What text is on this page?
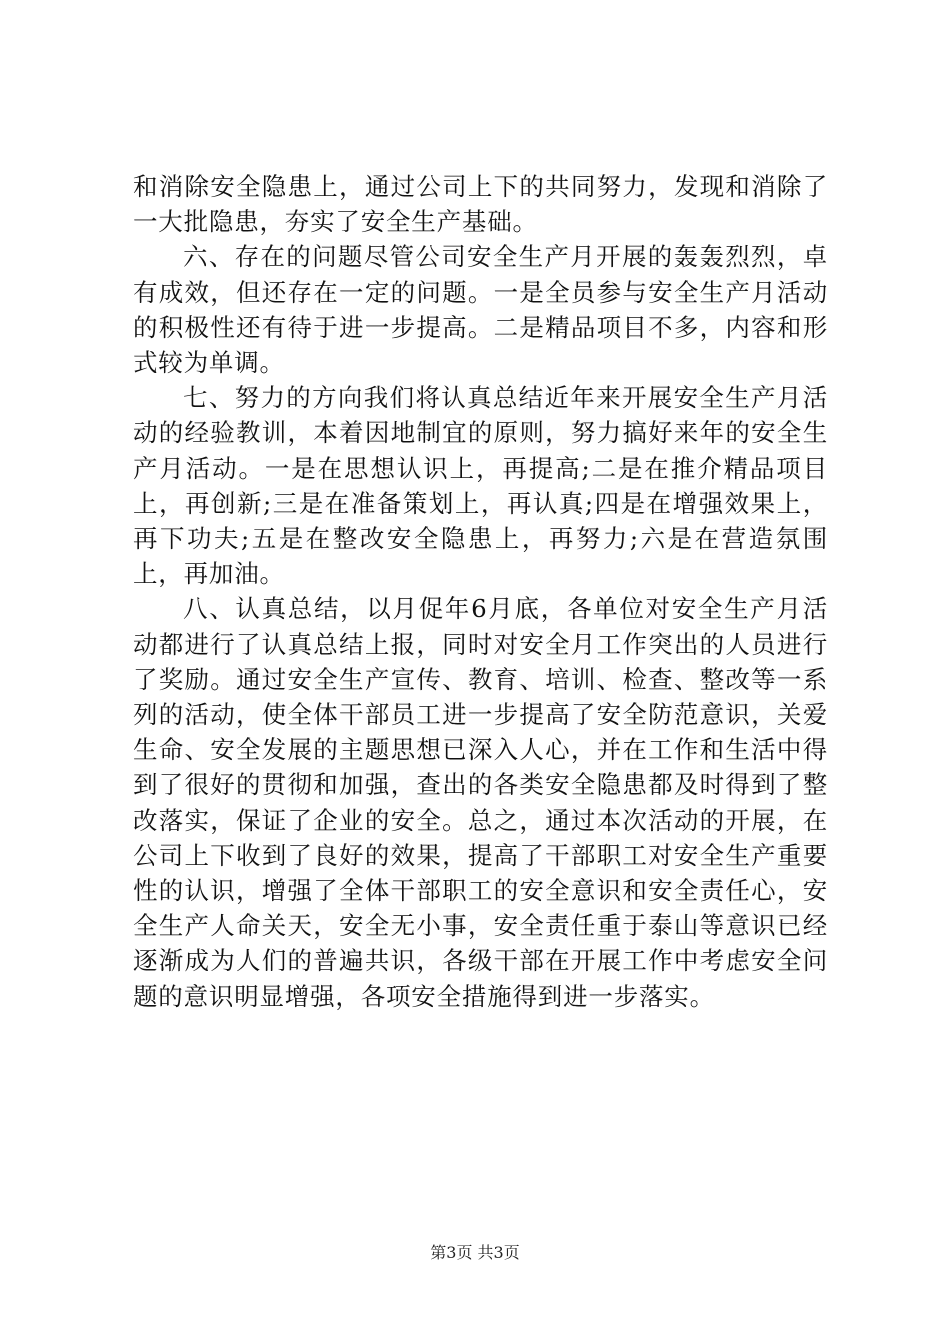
和消除安全隐患上，通过公司上下的共同努力，发现和消除了一大批隐患，夯实了安全生产基础。

六、存在的问题尽管公司安全生产月开展的轰轰烈烈，卓有成效，但还存在一定的问题。一是全员参与安全生产月活动的积极性还有待于进一步提高。二是精品项目不多，内容和形式较为单调。

七、努力的方向我们将认真总结近年来开展安全生产月活动的经验教训，本着因地制宜的原则，努力搞好来年的安全生产月活动。一是在思想认识上，再提高;二是在推介精品项目上，再创新;三是在准备策划上，再认真;四是在增强效果上，再下功夫;五是在整改安全隐患上，再努力;六是在营造氛围上，再加油。

八、认真总结，以月促年6月底，各单位对安全生产月活动都进行了认真总结上报，同时对安全月工作突出的人员进行了奖励。通过安全生产宣传、教育、培训、检查、整改等一系列的活动，使全体干部员工进一步提高了安全防范意识，关爱生命、安全发展的主题思想已深入人心，并在工作和生活中得到了很好的贯彻和加强，查出的各类安全隐患都及时得到了整改落实，保证了企业的安全。总之，通过本次活动的开展，在公司上下收到了良好的效果，提高了干部职工对安全生产重要性的认识，增强了全体干部职工的安全意识和安全责任心，安全生产人命关天，安全无小事，安全责任重于泰山等意识已经逐渐成为人们的普遍共识，各级干部在开展工作中考虑安全问题的意识明显增强，各项安全措施得到进一步落实。

第3页 共3页
